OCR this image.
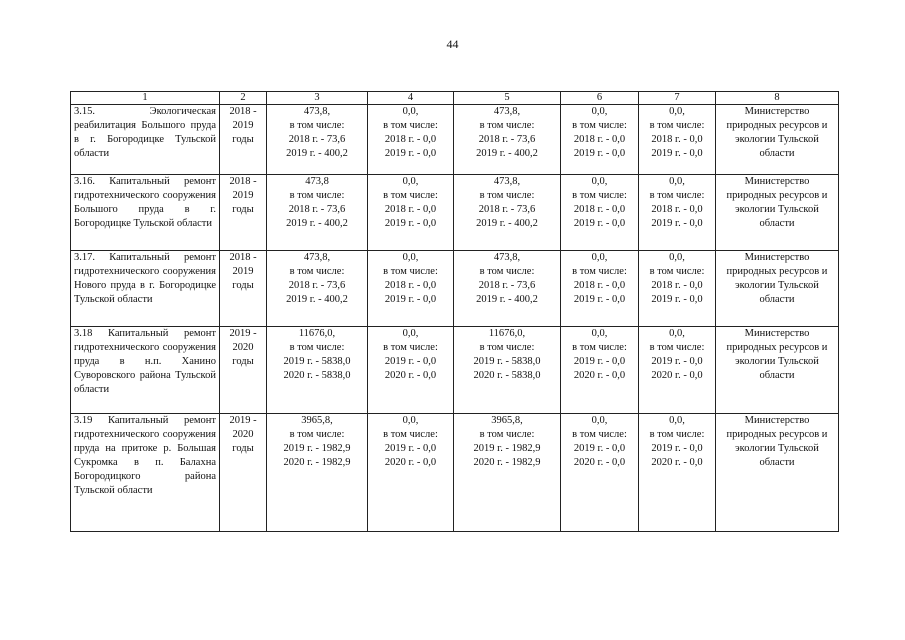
44
1	2	3	4	5	6	7	8

3.15. Экологическая реабилитация Большого пруда в г. Богородицке Тульской области	2018 -
2019
годы	473,8,
в том числе:
2018 г. - 73,6
2019 г. - 400,2	0,0,
в том числе:
2018 г. - 0,0
2019 г. - 0,0	473,8,
в том числе:
2018 г. - 73,6
2019 г. - 400,2	0,0,
в том числе:
2018 г. - 0,0
2019 г. - 0,0	0,0,
в том числе:
2018 г. - 0,0
2019 г. - 0,0	Министерство
природных ресурсов и
экологии Тульской
области

3.16. Капитальный ремонт гидротехнического сооружения Большого пруда в г. Богородицке Тульской области	2018 -
2019
годы	473,8
в том числе:
2018 г. - 73,6
2019 г. - 400,2	0,0,
в том числе:
2018 г. - 0,0
2019 г. - 0,0	473,8,
в том числе:
2018 г. - 73,6
2019 г. - 400,2	0,0,
в том числе:
2018 г. - 0,0
2019 г. - 0,0	0,0,
в том числе:
2018 г. - 0,0
2019 г. - 0,0	Министерство
природных ресурсов и
экологии Тульской
области

3.17. Капитальный ремонт гидротехнического сооружения Нового пруда в г. Богородицке Тульской области	2018 -
2019
годы	473,8,
в том числе:
2018 г. - 73,6
2019 г. - 400,2	0,0,
в том числе:
2018 г. - 0,0
2019 г. - 0,0	473,8,
в том числе:
2018 г. - 73,6
2019 г. - 400,2	0,0,
в том числе:
2018 г. - 0,0
2019 г. - 0,0	0,0,
в том числе:
2018 г. - 0,0
2019 г. - 0,0	Министерство
природных ресурсов и
экологии Тульской
области

3.18 Капитальный ремонт гидротехнического сооружения пруда в н.п. Ханино Суворовского района Тульской области	2019 -
2020
годы	11676,0,
в том числе:
2019 г. - 5838,0
2020 г. - 5838,0	0,0,
в том числе:
2019 г. - 0,0
2020 г. - 0,0	11676,0,
в том числе:
2019 г. - 5838,0
2020 г. - 5838,0	0,0,
в том числе:
2019 г. - 0,0
2020 г. - 0,0	0,0,
в том числе:
2019 г. - 0,0
2020 г. - 0,0	Министерство
природных ресурсов и
экологии Тульской
области

3.19 Капитальный ремонт гидротехнического сооружения пруда на притоке р. Большая Сукромка в п. Балахна Богородицкого района Тульской области	2019 -
2020
годы	3965,8,
в том числе:
2019 г. - 1982,9
2020 г. - 1982,9	0,0,
в том числе:
2019 г. - 0,0
2020 г. - 0,0	3965,8,
в том числе:
2019 г. - 1982,9
2020 г. - 1982,9	0,0,
в том числе:
2019 г. - 0,0
2020 г. - 0,0	0,0,
в том числе:
2019 г. - 0,0
2020 г. - 0,0	Министерство
природных ресурсов и
экологии Тульской
области
